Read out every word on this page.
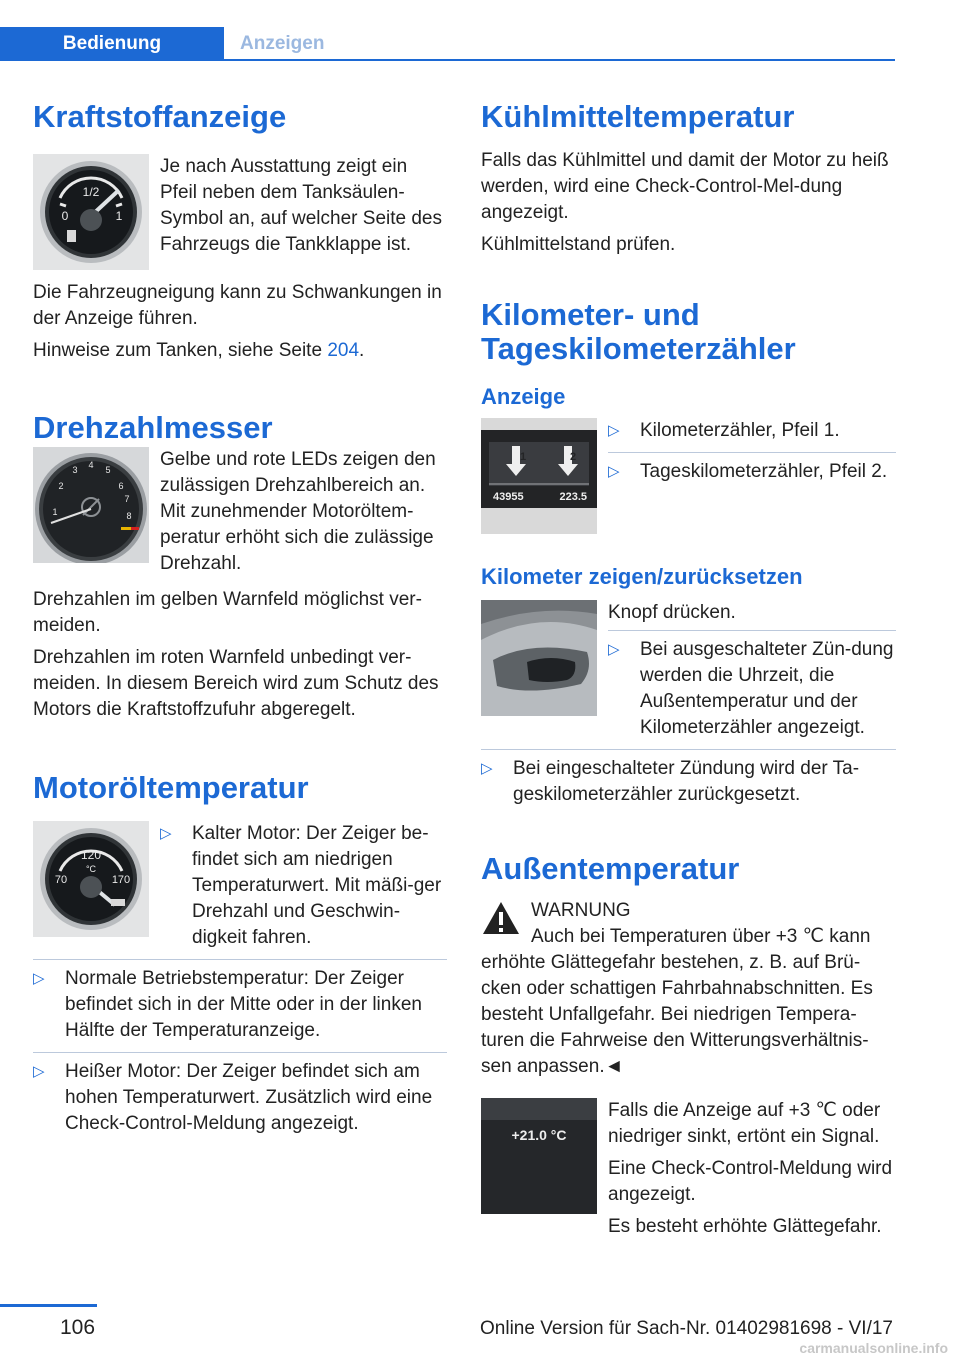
Bedienung	Anzeigen
Kraftstoffanzeige
1/2
0	1

Je nach Ausstattung zeigt ein Pfeil neben dem Tanksäulen-Symbol an, auf welcher Seite des Fahrzeugs die Tankklappe ist.

Die Fahrzeugneigung kann zu Schwankungen in der Anzeige führen.

Hinweise zum Tanken, siehe Seite 204.

Drehzahlmesser
1
2
3 4 5
6
7
8

Gelbe und rote LEDs zeigen den zulässigen Drehzahlbereich an. Mit zunehmender Motoröltem-peratur erhöht sich die zulässige Drehzahl.

Drehzahlen im gelben Warnfeld möglichst ver-meiden.

Drehzahlen im roten Warnfeld unbedingt ver-meiden. In diesem Bereich wird zum Schutz des Motors die Kraftstoffzufuhr abgeregelt.

Motoröltemperatur
120
°C
70	170
▷ Kalter Motor: Der Zeiger be-findet sich am niedrigen Temperaturwert. Mit mäßi-ger Drehzahl und Geschwin-digkeit fahren.
▷ Normale Betriebstemperatur: Der Zeiger befindet sich in der Mitte oder in der linken Hälfte der Temperaturanzeige.
▷ Heißer Motor: Der Zeiger befindet sich am hohen Temperaturwert. Zusätzlich wird eine Check-Control-Meldung angezeigt.
Kühlmitteltemperatur

Falls das Kühlmittel und damit der Motor zu heiß werden, wird eine Check-Control-Mel-dung angezeigt.

Kühlmittelstand prüfen.

Kilometer- und Tageskilometerzähler
Anzeige
1	2
43955	223.5
▷ Kilometerzähler, Pfeil 1.
▷ Tageskilometerzähler, Pfeil 2.
Kilometer zeigen/zurücksetzen

Knopf drücken.

▷ Bei ausgeschalteter Zün-dung werden die Uhrzeit, die Außentemperatur und der Kilometerzähler angezeigt.
▷ Bei eingeschalteter Zündung wird der Ta-geskilometerzähler zurückgesetzt.
Außentemperatur

WARNUNG

Auch bei Temperaturen über +3 ℃ kann erhöhte Glättegefahr bestehen, z. B. auf Brü-cken oder schattigen Fahrbahnabschnitten. Es besteht Unfallgefahr. Bei niedrigen Tempera-turen die Fahrweise den Witterungsverhältnis-sen anpassen.◄

+21.0 °C

Falls die Anzeige auf +3 ℃ oder niedriger sinkt, ertönt ein Signal.

Eine Check-Control-Meldung wird angezeigt.

Es besteht erhöhte Glättegefahr.

106	Online Version für Sach-Nr. 01402981698 - VI/17
carmanualsonline.info
